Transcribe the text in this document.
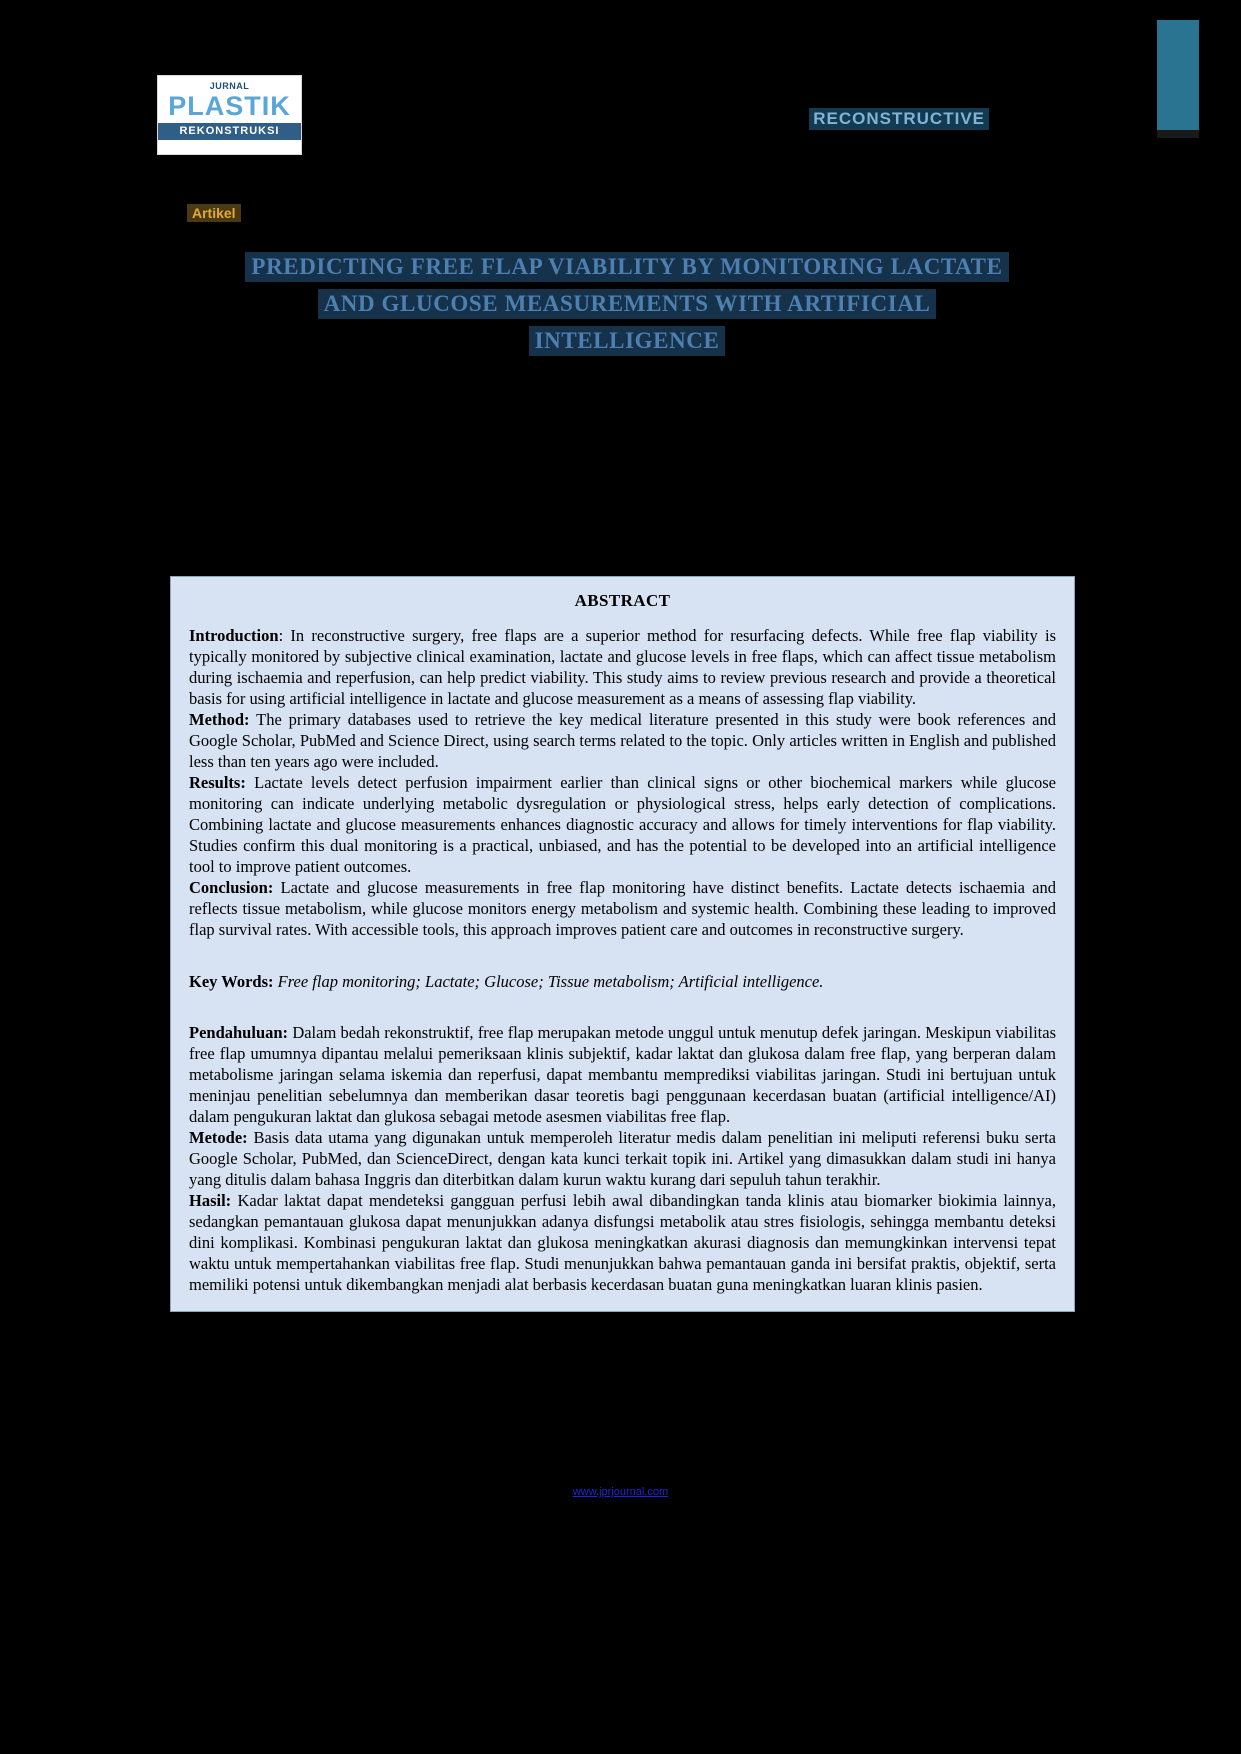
JURNAL
PLASTIK
REKONSTRUKSI
RECONSTRUCTIVE
Artikel
PREDICTING FREE FLAP VIABILITY BY MONITORING LACTATE
AND GLUCOSE MEASUREMENTS WITH ARTIFICIAL
INTELLIGENCE
ABSTRACT

Introduction: In reconstructive surgery, free flaps are a superior method for resurfacing defects. While free flap viability is typically monitored by subjective clinical examination, lactate and glucose levels in free flaps, which can affect tissue metabolism during ischaemia and reperfusion, can help predict viability. This study aims to review previous research and provide a theoretical basis for using artificial intelligence in lactate and glucose measurement as a means of assessing flap viability.

Method: The primary databases used to retrieve the key medical literature presented in this study were book references and Google Scholar, PubMed and Science Direct, using search terms related to the topic. Only articles written in English and published less than ten years ago were included.

Results: Lactate levels detect perfusion impairment earlier than clinical signs or other biochemical markers while glucose monitoring can indicate underlying metabolic dysregulation or physiological stress, helps early detection of complications. Combining lactate and glucose measurements enhances diagnostic accuracy and allows for timely interventions for flap viability. Studies confirm this dual monitoring is a practical, unbiased, and has the potential to be developed into an artificial intelligence tool to improve patient outcomes.

Conclusion: Lactate and glucose measurements in free flap monitoring have distinct benefits. Lactate detects ischaemia and reflects tissue metabolism, while glucose monitors energy metabolism and systemic health. Combining these leading to improved flap survival rates. With accessible tools, this approach improves patient care and outcomes in reconstructive surgery.

Key Words: Free flap monitoring; Lactate; Glucose; Tissue metabolism; Artificial intelligence.

Pendahuluan: Dalam bedah rekonstruktif, free flap merupakan metode unggul untuk menutup defek jaringan. Meskipun viabilitas free flap umumnya dipantau melalui pemeriksaan klinis subjektif, kadar laktat dan glukosa dalam free flap, yang berperan dalam metabolisme jaringan selama iskemia dan reperfusi, dapat membantu memprediksi viabilitas jaringan. Studi ini bertujuan untuk meninjau penelitian sebelumnya dan memberikan dasar teoretis bagi penggunaan kecerdasan buatan (artificial intelligence/AI) dalam pengukuran laktat dan glukosa sebagai metode asesmen viabilitas free flap.

Metode: Basis data utama yang digunakan untuk memperoleh literatur medis dalam penelitian ini meliputi referensi buku serta Google Scholar, PubMed, dan ScienceDirect, dengan kata kunci terkait topik ini. Artikel yang dimasukkan dalam studi ini hanya yang ditulis dalam bahasa Inggris dan diterbitkan dalam kurun waktu kurang dari sepuluh tahun terakhir.

Hasil: Kadar laktat dapat mendeteksi gangguan perfusi lebih awal dibandingkan tanda klinis atau biomarker biokimia lainnya, sedangkan pemantauan glukosa dapat menunjukkan adanya disfungsi metabolik atau stres fisiologis, sehingga membantu deteksi dini komplikasi. Kombinasi pengukuran laktat dan glukosa meningkatkan akurasi diagnosis dan memungkinkan intervensi tepat waktu untuk mempertahankan viabilitas free flap. Studi menunjukkan bahwa pemantauan ganda ini bersifat praktis, objektif, serta memiliki potensi untuk dikembangkan menjadi alat berbasis kecerdasan buatan guna meningkatkan luaran klinis pasien.

www.jprjournal.com
